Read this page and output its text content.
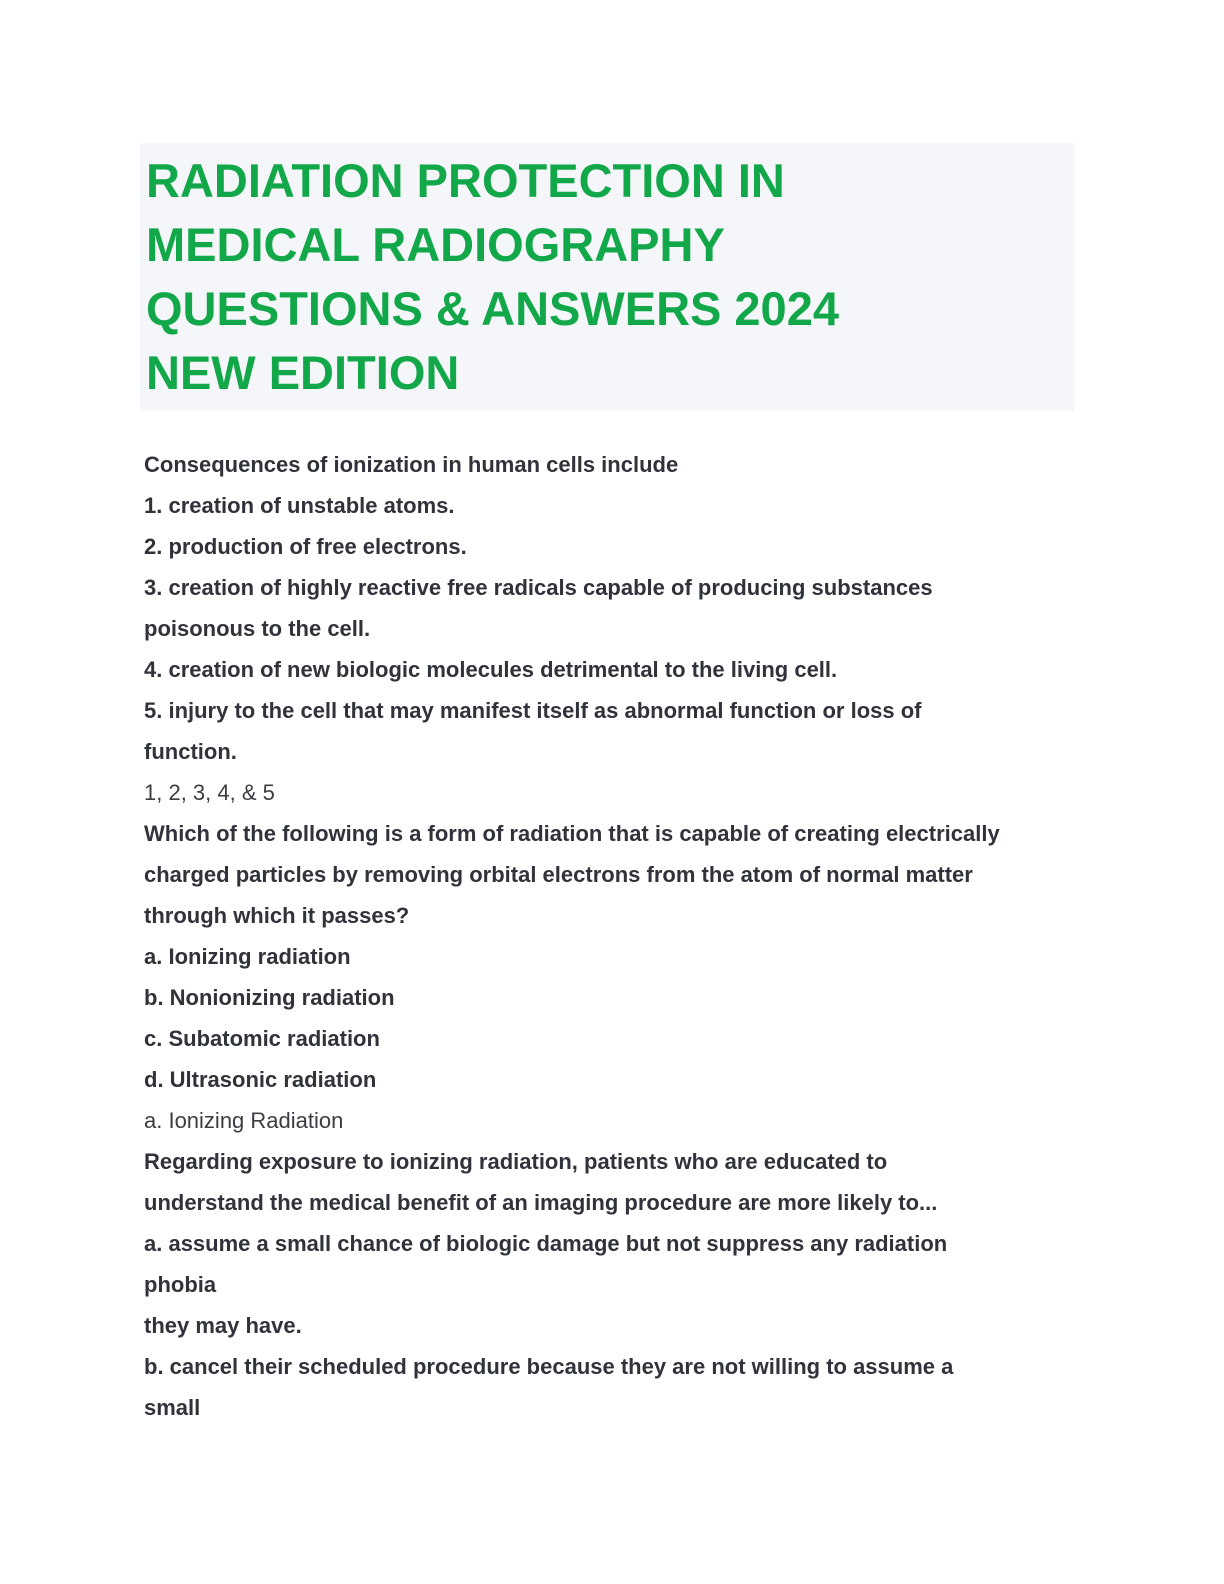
RADIATION PROTECTION IN
MEDICAL RADIOGRAPHY
QUESTIONS & ANSWERS 2024
NEW EDITION
Consequences of ionization in human cells include
1. creation of unstable atoms.
2. production of free electrons.
3. creation of highly reactive free radicals capable of producing substances
poisonous to the cell.
4. creation of new biologic molecules detrimental to the living cell.
5. injury to the cell that may manifest itself as abnormal function or loss of
function.
1, 2, 3, 4, & 5
Which of the following is a form of radiation that is capable of creating electrically
charged particles by removing orbital electrons from the atom of normal matter
through which it passes?
a. Ionizing radiation
b. Nonionizing radiation
c. Subatomic radiation
d. Ultrasonic radiation
a. Ionizing Radiation
Regarding exposure to ionizing radiation, patients who are educated to
understand the medical benefit of an imaging procedure are more likely to...
a. assume a small chance of biologic damage but not suppress any radiation
phobia
they may have.
b. cancel their scheduled procedure because they are not willing to assume a
small
